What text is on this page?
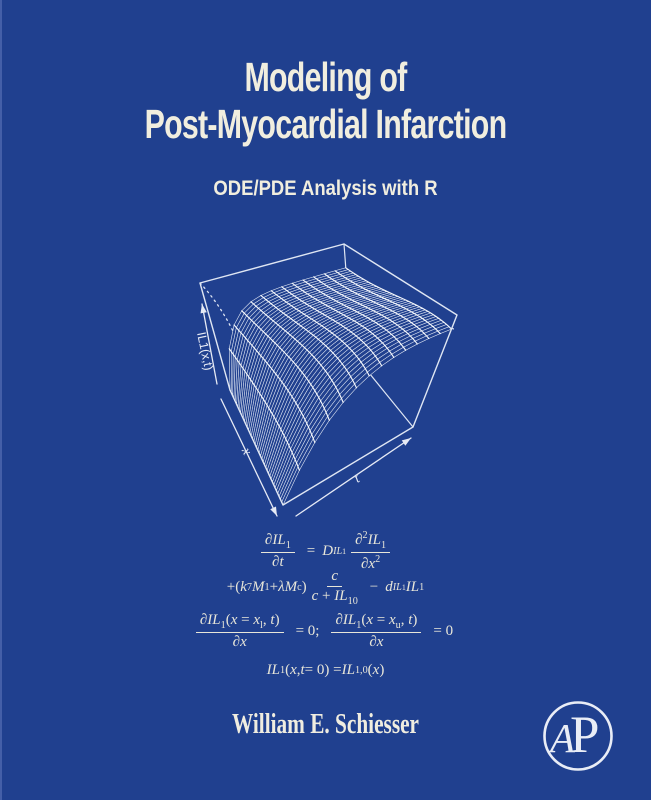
Modeling of
Post-Myocardial Infarction
ODE/PDE Analysis with R
IL1(x,t)
x
t
$\frac{\partial IL_1}{\partial t} = D$ IL1
$\partial^2IL_1$
$\partial x^2$
+( k 7 M 1 + λM c )
c
$c + IL_{10}$
− d IL1 IL 1
$\frac{\partial IL_1(x = x_l, t)}{\partial x} = 0$; $\frac{\partial IL_1(x = x_u, t)}{\partial x} = 0$
IL 1 ( x , t = 0) = IL 1,0 ( x )
William E. Schiesser	A
P
